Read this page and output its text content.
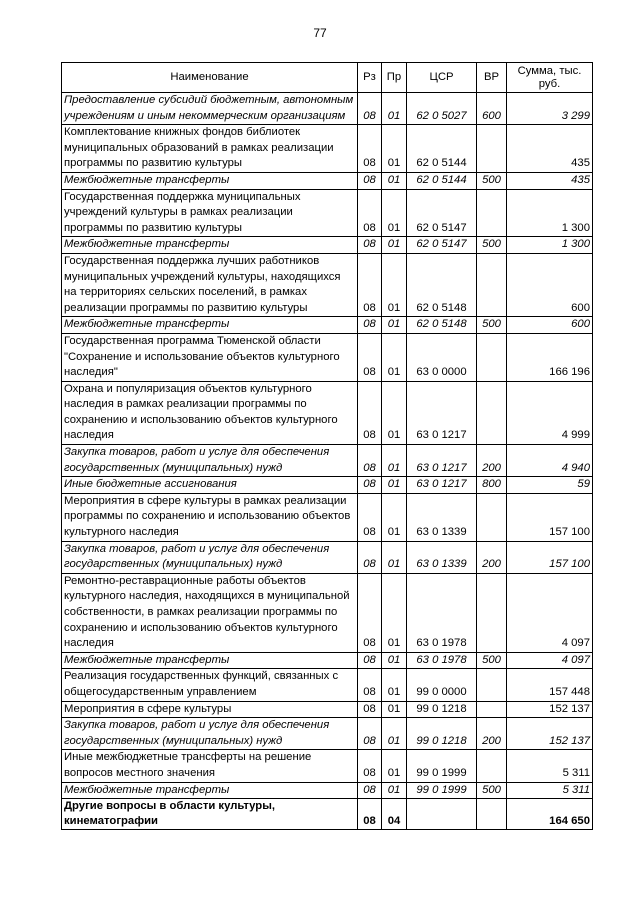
77
Наименование	Рз	Пр	ЦСР	ВР	Сумма, тыс. руб.
Предоставление субсидий бюджетным, автономным учреждениям и иным некоммерческим организациям	08	01	62 0 5027	600	3 299
Комплектование книжных фондов библиотек муниципальных образований в рамках реализации программы по развитию культуры	08	01	62 0 5144		435
Межбюджетные трансферты	08	01	62 0 5144	500	435
Государственная поддержка муниципальных учреждений культуры в рамках реализации программы по развитию культуры	08	01	62 0 5147		1 300
Межбюджетные трансферты	08	01	62 0 5147	500	1 300
Государственная поддержка лучших работников муниципальных учреждений культуры, находящихся на территориях сельских поселений, в рамках реализации программы по развитию культуры	08	01	62 0 5148		600
Межбюджетные трансферты	08	01	62 0 5148	500	600
Государственная программа Тюменской области "Сохранение и использование объектов культурного наследия"	08	01	63 0 0000		166 196
Охрана и популяризация объектов культурного наследия в рамках реализации программы по сохранению и использованию объектов культурного наследия	08	01	63 0 1217		4 999
Закупка товаров, работ и услуг для обеспечения государственных (муниципальных) нужд	08	01	63 0 1217	200	4 940
Иные бюджетные ассигнования	08	01	63 0 1217	800	59
Мероприятия в сфере культуры в рамках реализации программы по сохранению и использованию объектов культурного наследия	08	01	63 0 1339		157 100
Закупка товаров, работ и услуг для обеспечения государственных (муниципальных) нужд	08	01	63 0 1339	200	157 100
Ремонтно-реставрационные работы объектов культурного наследия, находящихся в муниципальной собственности, в рамках реализации программы по сохранению и использованию объектов культурного наследия	08	01	63 0 1978		4 097
Межбюджетные трансферты	08	01	63 0 1978	500	4 097
Реализация государственных функций, связанных с общегосударственным управлением	08	01	99 0 0000		157 448
Мероприятия в сфере культуры	08	01	99 0 1218		152 137
Закупка товаров, работ и услуг для обеспечения государственных (муниципальных) нужд	08	01	99 0 1218	200	152 137
Иные межбюджетные трансферты на решение вопросов местного значения	08	01	99 0 1999		5 311
Межбюджетные трансферты	08	01	99 0 1999	500	5 311
Другие вопросы в области культуры, кинематографии	08	04			164 650
